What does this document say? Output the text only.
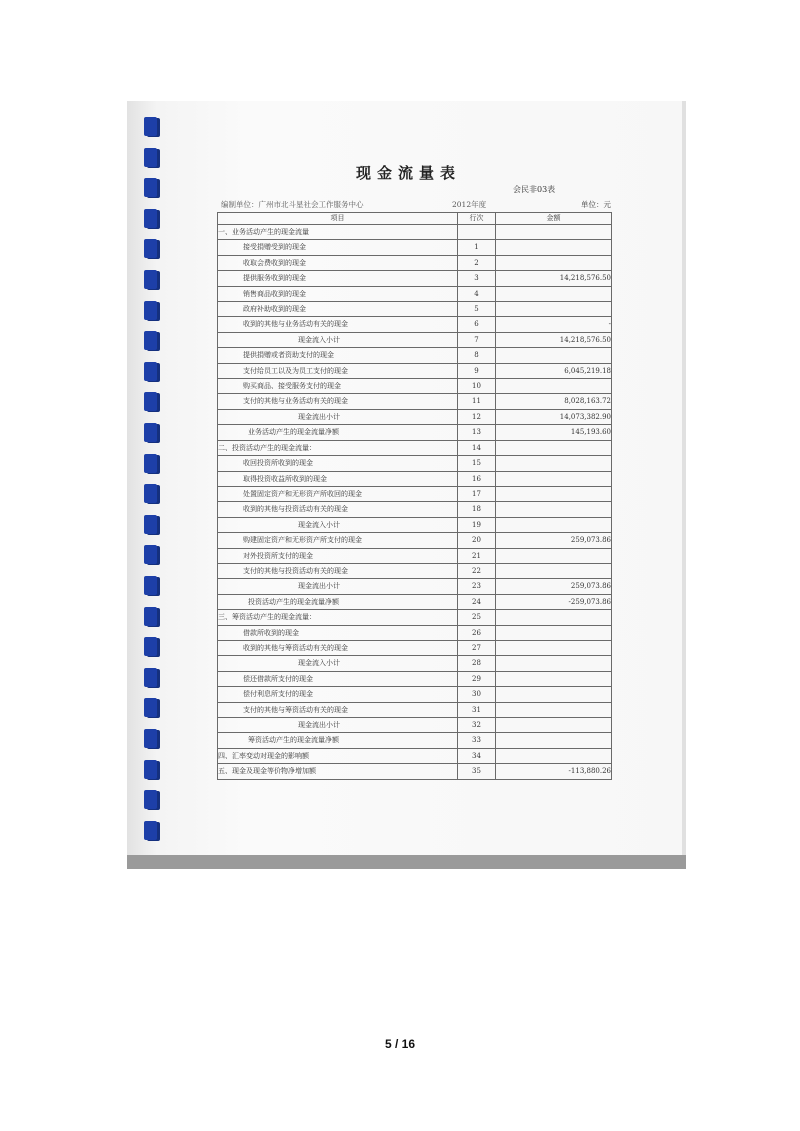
现金流量表
会民非03表
编制单位：广州市北斗星社会工作服务中心	2012年度	单位：元
项目	行次	金额
一、业务活动产生的现金流量		
接受捐赠受到的现金	1	
收取会费收到的现金	2	
提供服务收到的现金	3	14,218,576.50
销售商品收到的现金	4	
政府补助收到的现金	5	
收到的其他与业务活动有关的现金	6	-
现金流入小计	7	14,218,576.50
提供捐赠或者资助支付的现金	8	
支付给员工以及为员工支付的现金	9	6,045,219.18
购买商品、接受服务支付的现金	10	
支付的其他与业务活动有关的现金	11	8,028,163.72
现金流出小计	12	14,073,382.90
业务活动产生的现金流量净额	13	145,193.60
二、投资活动产生的现金流量：	14	
收回投资所收到的现金	15	
取得投资收益所收到的现金	16	
处置固定资产和无形资产所收回的现金	17	
收到的其他与投资活动有关的现金	18	
现金流入小计	19	
购建固定资产和无形资产所支付的现金	20	259,073.86
对外投资所支付的现金	21	
支付的其他与投资活动有关的现金	22	
现金流出小计	23	259,073.86
投资活动产生的现金流量净额	24	-259,073.86
三、筹资活动产生的现金流量：	25	
借款所收到的现金	26	
收到的其他与筹资活动有关的现金	27	
现金流入小计	28	
偿还借款所支付的现金	29	
偿付利息所支付的现金	30	
支付的其他与筹资活动有关的现金	31	
现金流出小计	32	
筹资活动产生的现金流量净额	33	
四、汇率变动对现金的影响额	34	
五、现金及现金等价物净增加额	35	-113,880.26
5 / 16
